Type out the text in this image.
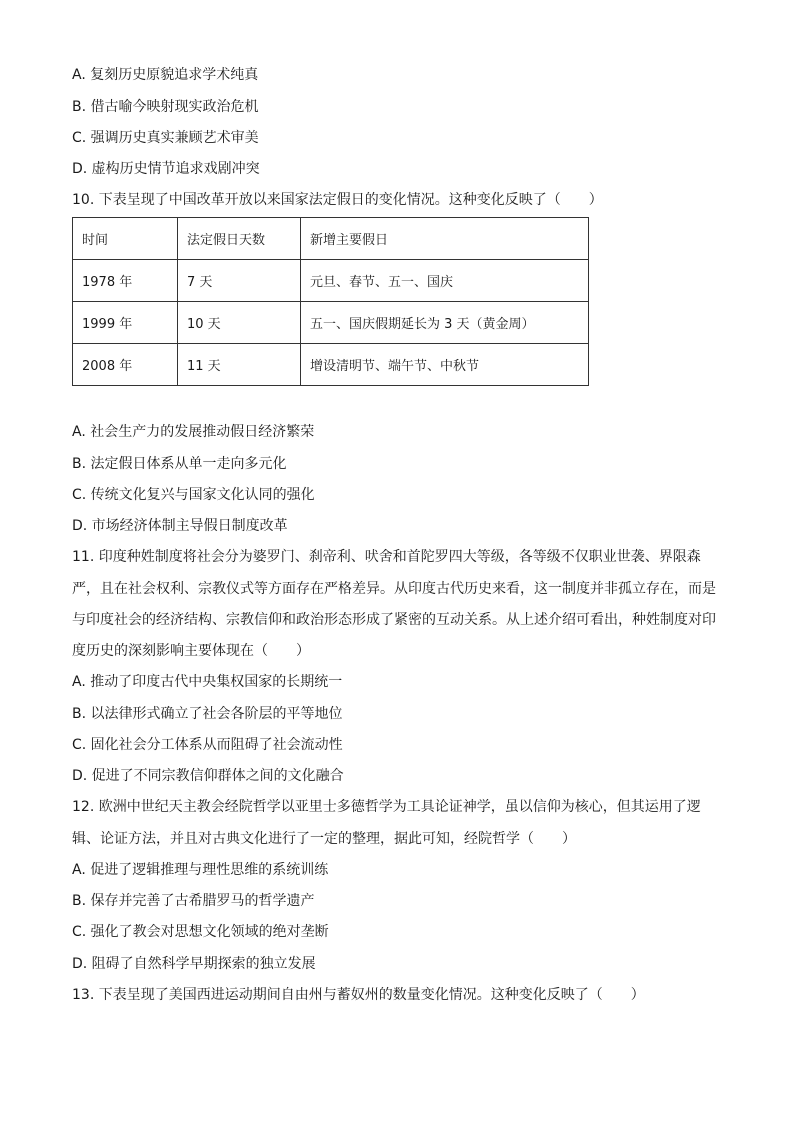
A. 复刻历史原貌追求学术纯真
B. 借古喻今映射现实政治危机
C. 强调历史真实兼顾艺术审美
D. 虚构历史情节追求戏剧冲突
10. 下表呈现了中国改革开放以来国家法定假日的变化情况。这种变化反映了（　　）
时间	法定假日天数	新增主要假日
1978 年	7 天	元旦、春节、五一、国庆
1999 年	10 天	五一、国庆假期延长为 3 天（黄金周）
2008 年	11 天	增设清明节、端午节、中秋节
A. 社会生产力的发展推动假日经济繁荣
B. 法定假日体系从单一走向多元化
C. 传统文化复兴与国家文化认同的强化
D. 市场经济体制主导假日制度改革
11. 印度种姓制度将社会分为婆罗门、刹帝利、吠舍和首陀罗四大等级，各等级不仅职业世袭、界限森
严，且在社会权利、宗教仪式等方面存在严格差异。从印度古代历史来看，这一制度并非孤立存在，而是
与印度社会的经济结构、宗教信仰和政治形态形成了紧密的互动关系。从上述介绍可看出，种姓制度对印
度历史的深刻影响主要体现在（　　）
A. 推动了印度古代中央集权国家的长期统一
B. 以法律形式确立了社会各阶层的平等地位
C. 固化社会分工体系从而阻碍了社会流动性
D. 促进了不同宗教信仰群体之间的文化融合
12. 欧洲中世纪天主教会经院哲学以亚里士多德哲学为工具论证神学，虽以信仰为核心，但其运用了逻
辑、论证方法，并且对古典文化进行了一定的整理，据此可知，经院哲学（　　）
A. 促进了逻辑推理与理性思维的系统训练
B. 保存并完善了古希腊罗马的哲学遗产
C. 强化了教会对思想文化领域的绝对垄断
D. 阻碍了自然科学早期探索的独立发展
13. 下表呈现了美国西进运动期间自由州与蓄奴州的数量变化情况。这种变化反映了（　　）
